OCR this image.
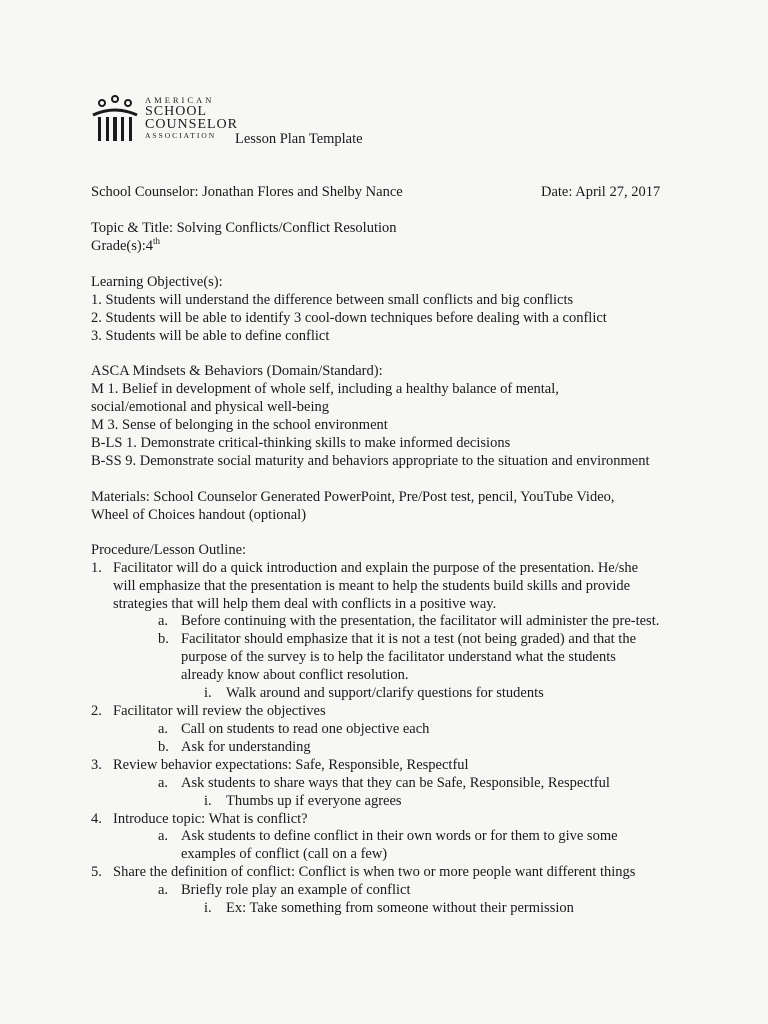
AMERICAN
SCHOOL
COUNSELOR
ASSOCIATION	Lesson Plan Template
School Counselor: Jonathan Flores and Shelby Nance	Date: April 27, 2017
Topic & Title: Solving Conflicts/Conflict Resolution
Grade(s):4th
Learning Objective(s):
1. Students will understand the difference between small conflicts and big conflicts
2. Students will be able to identify 3 cool-down techniques before dealing with a conflict
3. Students will be able to define conflict
ASCA Mindsets & Behaviors (Domain/Standard):
M 1. Belief in development of whole self, including a healthy balance of mental,
social/emotional and physical well-being
M 3. Sense of belonging in the school environment
B-LS 1. Demonstrate critical-thinking skills to make informed decisions
B-SS 9. Demonstrate social maturity and behaviors appropriate to the situation and environment
Materials: School Counselor Generated PowerPoint, Pre/Post test, pencil, YouTube Video,
Wheel of Choices handout (optional)
Procedure/Lesson Outline:
1. Facilitator will do a quick introduction and explain the purpose of the presentation. He/she
will emphasize that the presentation is meant to help the students build skills and provide
strategies that will help them deal with conflicts in a positive way.
a. Before continuing with the presentation, the facilitator will administer the pre-test.
b. Facilitator should emphasize that it is not a test (not being graded) and that the
purpose of the survey is to help the facilitator understand what the students
already know about conflict resolution.
i. Walk around and support/clarify questions for students
2. Facilitator will review the objectives
a. Call on students to read one objective each
b. Ask for understanding
3. Review behavior expectations: Safe, Responsible, Respectful
a. Ask students to share ways that they can be Safe, Responsible, Respectful
i. Thumbs up if everyone agrees
4. Introduce topic: What is conflict?
a. Ask students to define conflict in their own words or for them to give some
examples of conflict (call on a few)
5. Share the definition of conflict: Conflict is when two or more people want different things
a. Briefly role play an example of conflict
i. Ex: Take something from someone without their permission
